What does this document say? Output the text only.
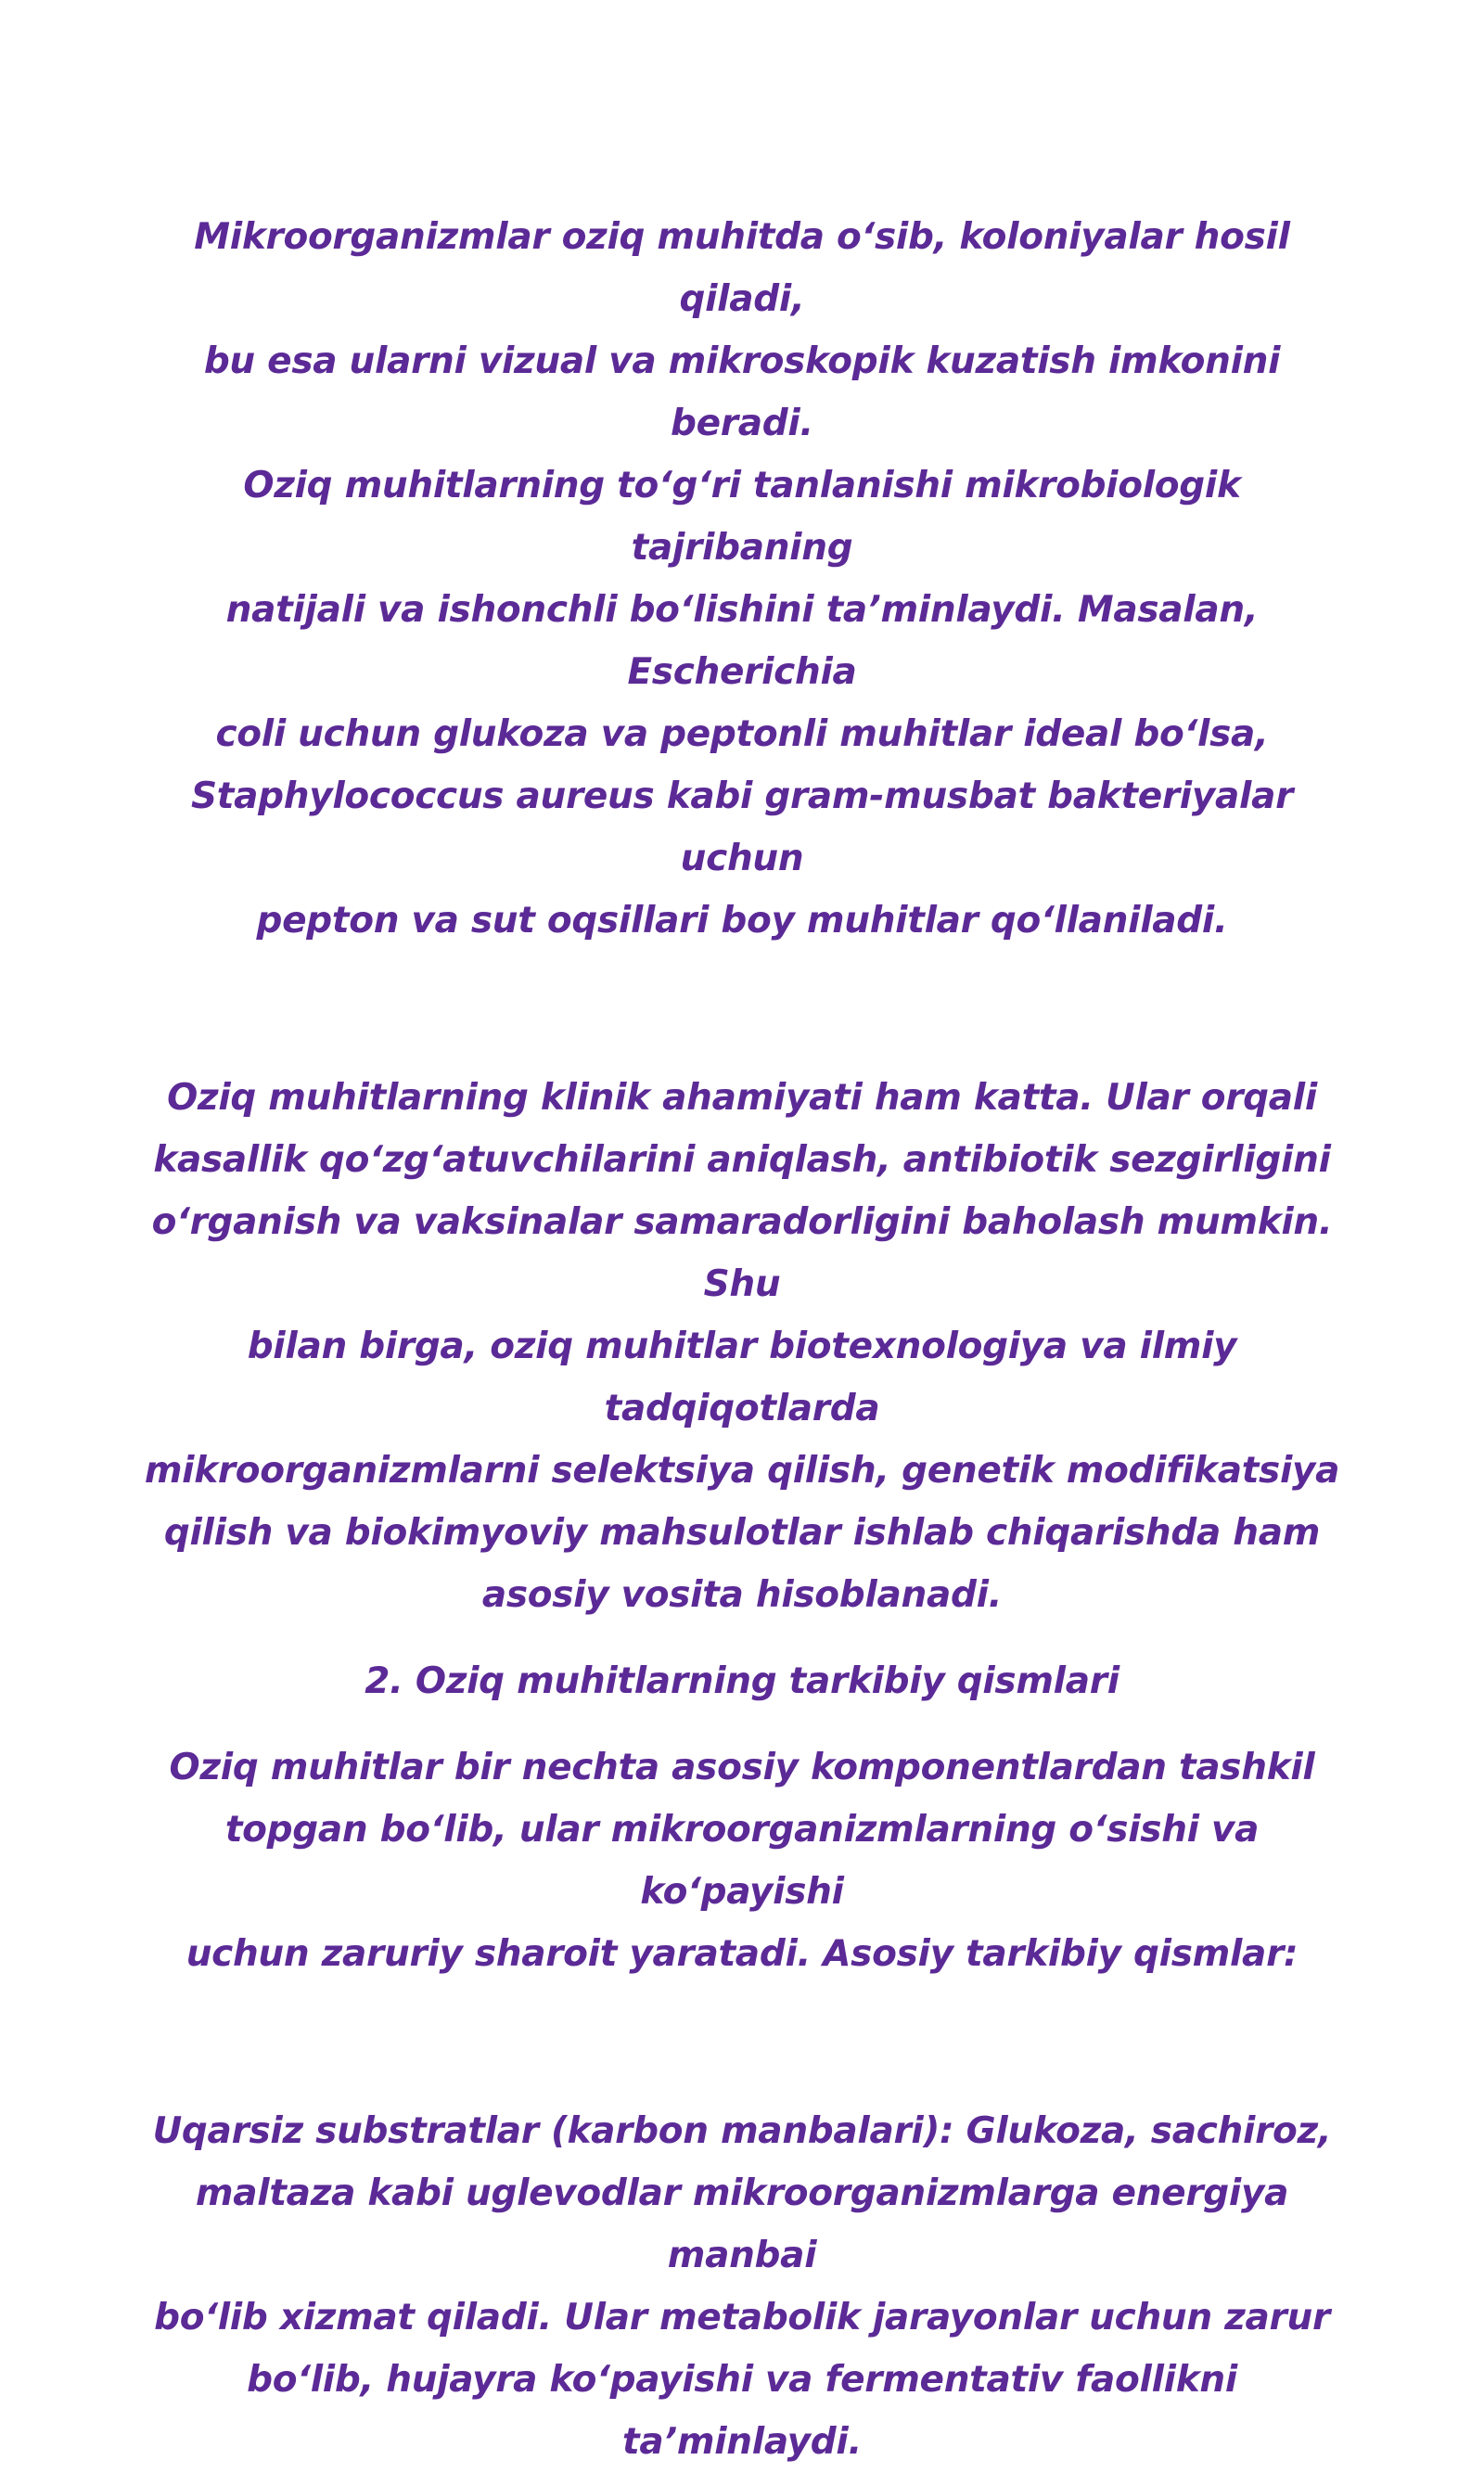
Mikroorganizmlar oziq muhitda o‘sib, koloniyalar hosil qiladi,
bu esa ularni vizual va mikroskopik kuzatish imkonini beradi.
Oziq muhitlarning to‘g‘ri tanlanishi mikrobiologik tajribaning
natijali va ishonchli bo‘lishini ta’minlaydi. Masalan, Escherichia
coli uchun glukoza va peptonli muhitlar ideal bo‘lsa,
Staphylococcus aureus kabi gram-musbat bakteriyalar uchun
pepton va sut oqsillari boy muhitlar qo‘llaniladi.

Oziq muhitlarning klinik ahamiyati ham katta. Ular orqali
kasallik qo‘zg‘atuvchilarini aniqlash, antibiotik sezgirligini
o‘rganish va vaksinalar samaradorligini baholash mumkin. Shu
bilan birga, oziq muhitlar biotexnologiya va ilmiy tadqiqotlarda
mikroorganizmlarni selektsiya qilish, genetik modifikatsiya
qilish va biokimyoviy mahsulotlar ishlab chiqarishda ham
asosiy vosita hisoblanadi.

2. Oziq muhitlarning tarkibiy qismlari

Oziq muhitlar bir nechta asosiy komponentlardan tashkil
topgan bo‘lib, ular mikroorganizmlarning o‘sishi va ko‘payishi
uchun zaruriy sharoit yaratadi. Asosiy tarkibiy qismlar:

Uqarsiz substratlar (karbon manbalari): Glukoza, sachiroz,
maltaza kabi uglevodlar mikroorganizmlarga energiya manbai
bo‘lib xizmat qiladi. Ular metabolik jarayonlar uchun zarur
bo‘lib, hujayra ko‘payishi va fermentativ faollikni ta’minlaydi.
